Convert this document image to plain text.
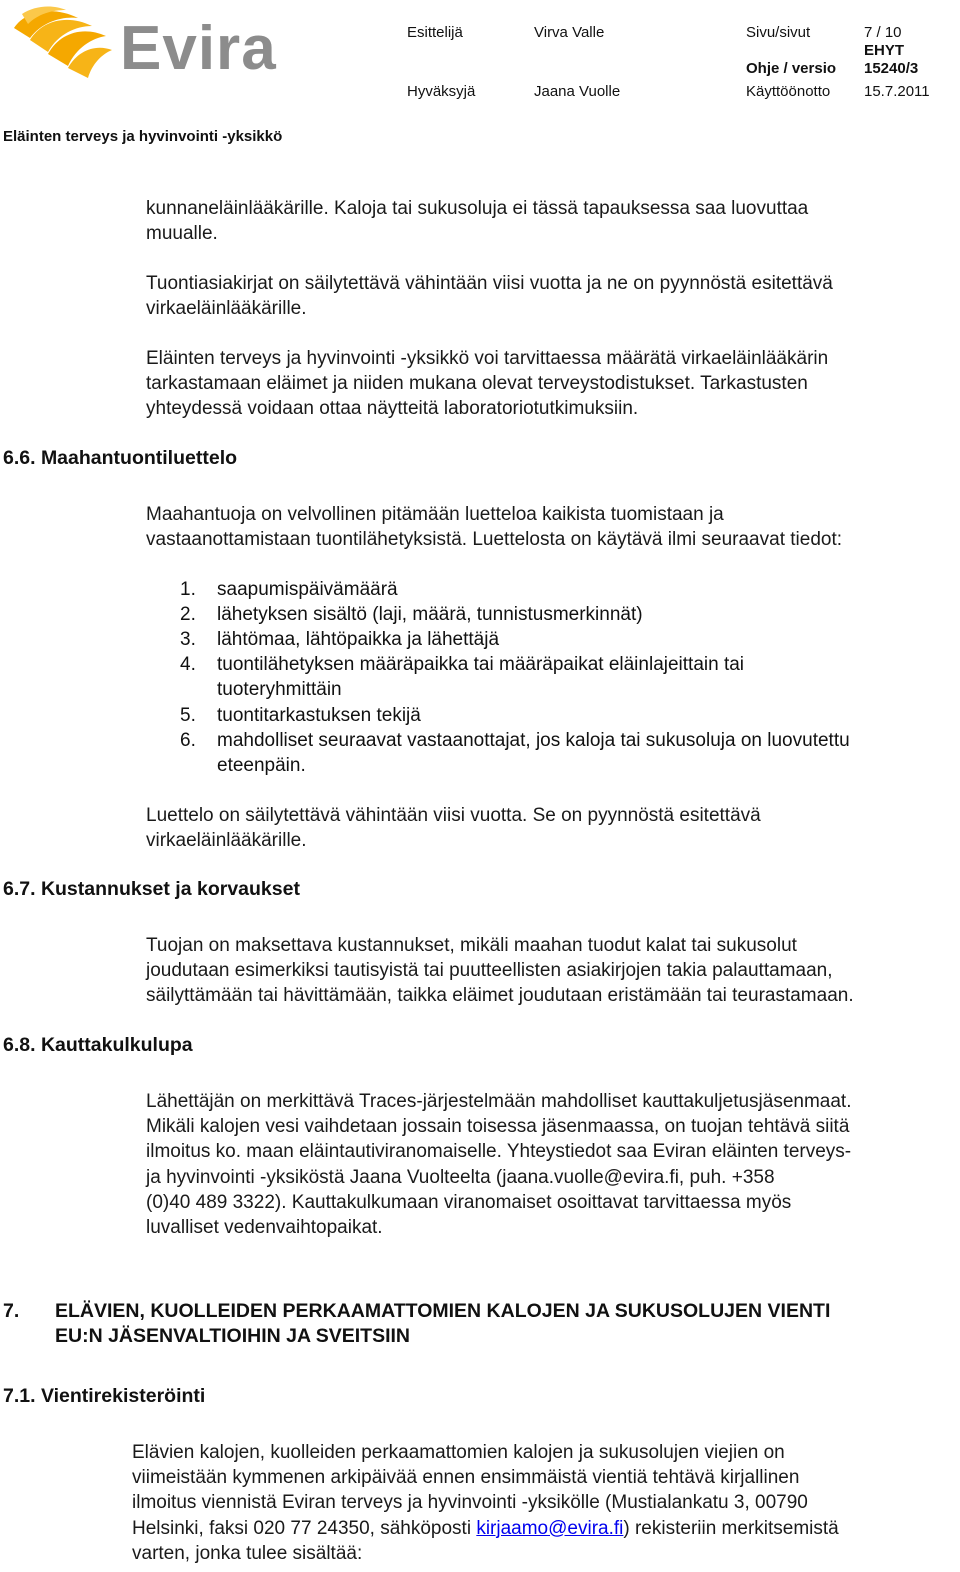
Evira	Esittelijä	Virva Valle	Sivu/sivut	7 / 10
EHYT
Ohje / versio 15240/3
Hyväksyjä	Jaana Vuolle	Käyttöönotto 15.7.2011
Eläinten terveys ja hyvinvointi -yksikkö
kunnaneläinlääkärille. Kaloja tai sukusoluja ei tässä tapauksessa saa luovuttaa
muualle.
Tuontiasiakirjat on säilytettävä vähintään viisi vuotta ja ne on pyynnöstä esitettävä
virkaeläinlääkärille.
Eläinten terveys ja hyvinvointi -yksikkö voi tarvittaessa määrätä virkaeläinlääkärin
tarkastamaan eläimet ja niiden mukana olevat terveystodistukset. Tarkastusten
yhteydessä voidaan ottaa näytteitä laboratoriotutkimuksiin.
6.6. Maahantuontiluettelo
Maahantuoja on velvollinen pitämään luetteloa kaikista tuomistaan ja
vastaanottamistaan tuontilähetyksistä. Luettelosta on käytävä ilmi seuraavat tiedot:
1. saapumispäivämäärä
2. lähetyksen sisältö (laji, määrä, tunnistusmerkinnät)
3. lähtömaa, lähtöpaikka ja lähettäjä
4. tuontilähetyksen määräpaikka tai määräpaikat eläinlajeittain tai
tuoteryhmittäin
5. tuontitarkastuksen tekijä
6. mahdolliset seuraavat vastaanottajat, jos kaloja tai sukusoluja on luovutettu
eteenpäin.
Luettelo on säilytettävä vähintään viisi vuotta. Se on pyynnöstä esitettävä
virkaeläinlääkärille.
6.7. Kustannukset ja korvaukset
Tuojan on maksettava kustannukset, mikäli maahan tuodut kalat tai sukusolut
joudutaan esimerkiksi tautisyistä tai puutteellisten asiakirjojen takia palauttamaan,
säilyttämään tai hävittämään, taikka eläimet joudutaan eristämään tai teurastamaan.
6.8. Kauttakulkulupa
Lähettäjän on merkittävä Traces-järjestelmään mahdolliset kauttakuljetusjäsenmaat.
Mikäli kalojen vesi vaihdetaan jossain toisessa jäsenmaassa, on tuojan tehtävä siitä
ilmoitus ko. maan eläintautiviranomaiselle. Yhteystiedot saa Eviran eläinten terveys-
ja hyvinvointi -yksiköstä Jaana Vuolteelta (jaana.vuolle@evira.fi, puh. +358
(0)40 489 3322). Kauttakulkumaan viranomaiset osoittavat tarvittaessa myös
luvalliset vedenvaihtopaikat.
7. ELÄVIEN, KUOLLEIDEN PERKAAMATTOMIEN KALOJEN JA SUKUSOLUJEN VIENTI
EU:N JÄSENVALTIOIHIN JA SVEITSIIN
7.1. Vientirekisteröinti
Elävien kalojen, kuolleiden perkaamattomien kalojen ja sukusolujen viejien on
viimeistään kymmenen arkipäivää ennen ensimmäistä vientiä tehtävä kirjallinen
ilmoitus viennistä Eviran terveys ja hyvinvointi -yksikölle (Mustialankatu 3, 00790
Helsinki, faksi 020 77 24350, sähköposti kirjaamo@evira.fi) rekisteriin merkitsemistä
varten, jonka tulee sisältää:
